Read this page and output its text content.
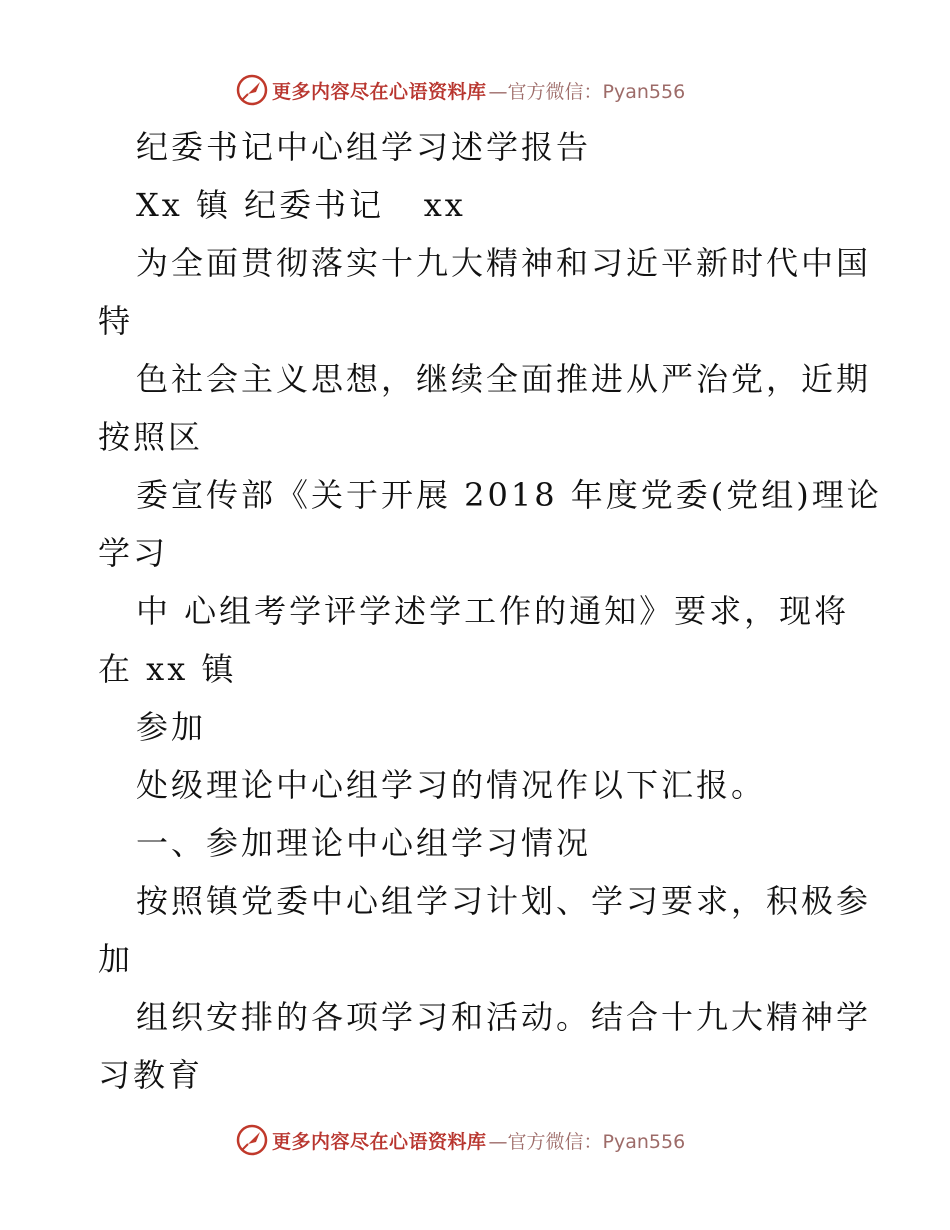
更多内容尽在心语资料库 —官方微信：Pyan556
纪委书记中心组学习述学报告
Xx 镇 纪委书记   xx
为全面贯彻落实十九大精神和习近平新时代中国
特
色社会主义思想，继续全面推进从严治党，近期
按照区
委宣传部《关于开展 2018 年度党委(党组)理论
学习
中 心组考学评学述学工作的通知》要求，现将
在 xx 镇
参加
处级理论中心组学习的情况作以下汇报。
一、参加理论中心组学习情况
按照镇党委中心组学习计划、学习要求，积极参
加
组织安排的各项学习和活动。结合十九大精神学
习教育
更多内容尽在心语资料库 —官方微信：Pyan556
